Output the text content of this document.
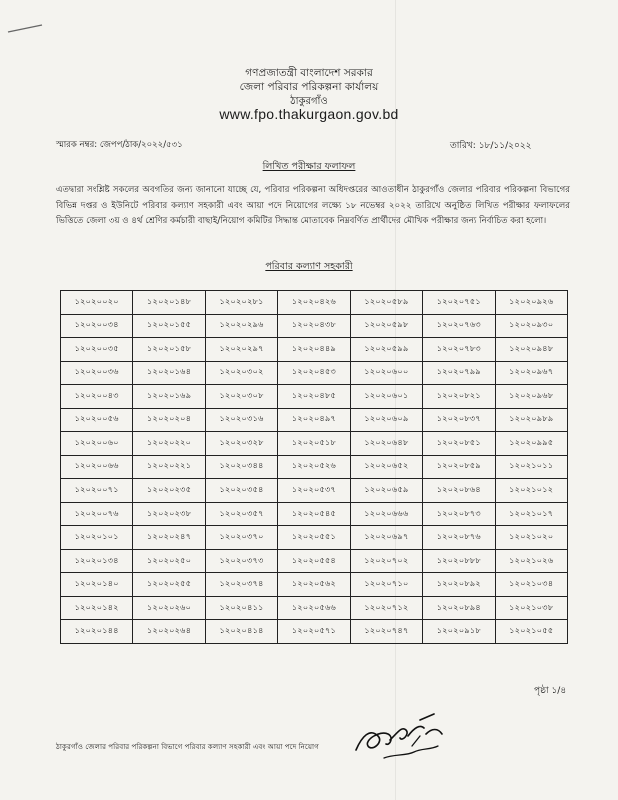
গণপ্রজাতন্ত্রী বাংলাদেশ সরকার
জেলা পরিবার পরিকল্পনা কার্যালয়
ঠাকুরগাঁও
www.fpo.thakurgaon.gov.bd
স্মারক নম্বর: জেপপ/ঠাক/২০২২/৫৩১	তারিখ: ১৮/১১/২০২২
লিখিত পরীক্ষার ফলাফল
এতদ্বারা সংশ্লিষ্ট সকলের অবগতির জন্য জানানো যাচ্ছে যে, পরিবার পরিকল্পনা অধিদপ্তরের আওতাধীন ঠাকুরগাঁও জেলার পরিবার পরিকল্পনা বিভাগের বিভিন্ন দপ্তর ও ইউনিটে পরিবার কল্যাণ সহকারী এবং আয়া পদে নিয়োগের লক্ষ্যে ১৮ নভেম্বর ২০২২ তারিখে অনুষ্ঠিত লিখিত পরীক্ষার ফলাফলের ভিত্তিতে জেলা ৩য় ও ৪র্থ শ্রেণির কর্মচারী বাছাই/নিয়োগ কমিটির সিদ্ধান্ত মোতাবেক নিম্নবর্ণিত প্রার্থীদের মৌখিক পরীক্ষার জন্য নির্বাচিত করা হলো।
পরিবার কল্যাণ সহকারী
১২০২০০২০	১২০২০১৪৮	১২০২০২৮১	১২০২০৪২৬	১২০২০৫৮৯	১২০২০৭৫১	১২০২০৯২৬
১২০২০০৩৪	১২০২০১৫৫	১২০২০২৯৬	১২০২০৪৩৮	১২০২০৫৯৮	১২০২০৭৬৩	১২০২০৯৩০
১২০২০০৩৫	১২০২০১৫৮	১২০২০২৯৭	১২০২০৪৪৯	১২০২০৫৯৯	১২০২০৭৮৩	১২০২০৯৪৮
১২০২০০৩৬	১২০২০১৬৪	১২০২০৩০২	১২০২০৪৫৩	১২০২০৬০০	১২০২০৭৯৯	১২০২০৯৬৭
১২০২০০৪৩	১২০২০১৬৯	১২০২০৩০৮	১২০২০৪৮৫	১২০২০৬০১	১২০২০৮২১	১২০২০৯৬৮
১২০২০০৫৬	১২০২০২০৪	১২০২০৩১৬	১২০২০৪৯৭	১২০২০৬০৯	১২০২০৮৩৭	১২০২০৯৮৯
১২০২০০৬০	১২০২০২২০	১২০২০৩২৮	১২০২০৫১৮	১২০২০৬৪৮	১২০২০৮৫১	১২০২০৯৯৫
১২০২০০৬৬	১২০২০২২১	১২০২০৩৪৪	১২০২০৫২৬	১২০২০৬৫২	১২০২০৮৫৯	১২০২১০১১
১২০২০০৭১	১২০২০২৩৫	১২০২০৩৫৪	১২০২০৫৩৭	১২০২০৬৫৯	১২০২০৮৬৪	১২০২১০১২
১২০২০০৭৬	১২০২০২৩৮	১২০২০৩৫৭	১২০২০৫৪৫	১২০২০৬৬৬	১২০২০৮৭৩	১২০২১০১৭
১২০২০১০১	১২০২০২৪৭	১২০২০৩৭০	১২০২০৫৫১	১২০২০৬৯৭	১২০২০৮৭৬	১২০২১০২০
১২০২০১৩৪	১২০২০২৫০	১২০২০৩৭৩	১২০২০৫৫৪	১২০২০৭০২	১২০২০৮৮৮	১২০২১০২৬
১২০২০১৪০	১২০২০২৫৫	১২০২০৩৭৪	১২০২০৫৬২	১২০২০৭১০	১২০২০৮৯২	১২০২১০৩৪
১২০২০১৪২	১২০২০২৬০	১২০২০৪১১	১২০২০৫৬৬	১২০২০৭১২	১২০২০৮৯৪	১২০২১০৩৮
১২০২০১৪৪	১২০২০২৬৪	১২০২০৪১৪	১২০২০৫৭১	১২০২০৭৪৭	১২০২০৯১৮	১২০২১০৫৫
পৃষ্ঠা ১/৪
ঠাকুরগাঁও জেলার পরিবার পরিকল্পনা বিভাগে পরিবার কল্যাণ সহকারী এবং আয়া পদে নিয়োগ
